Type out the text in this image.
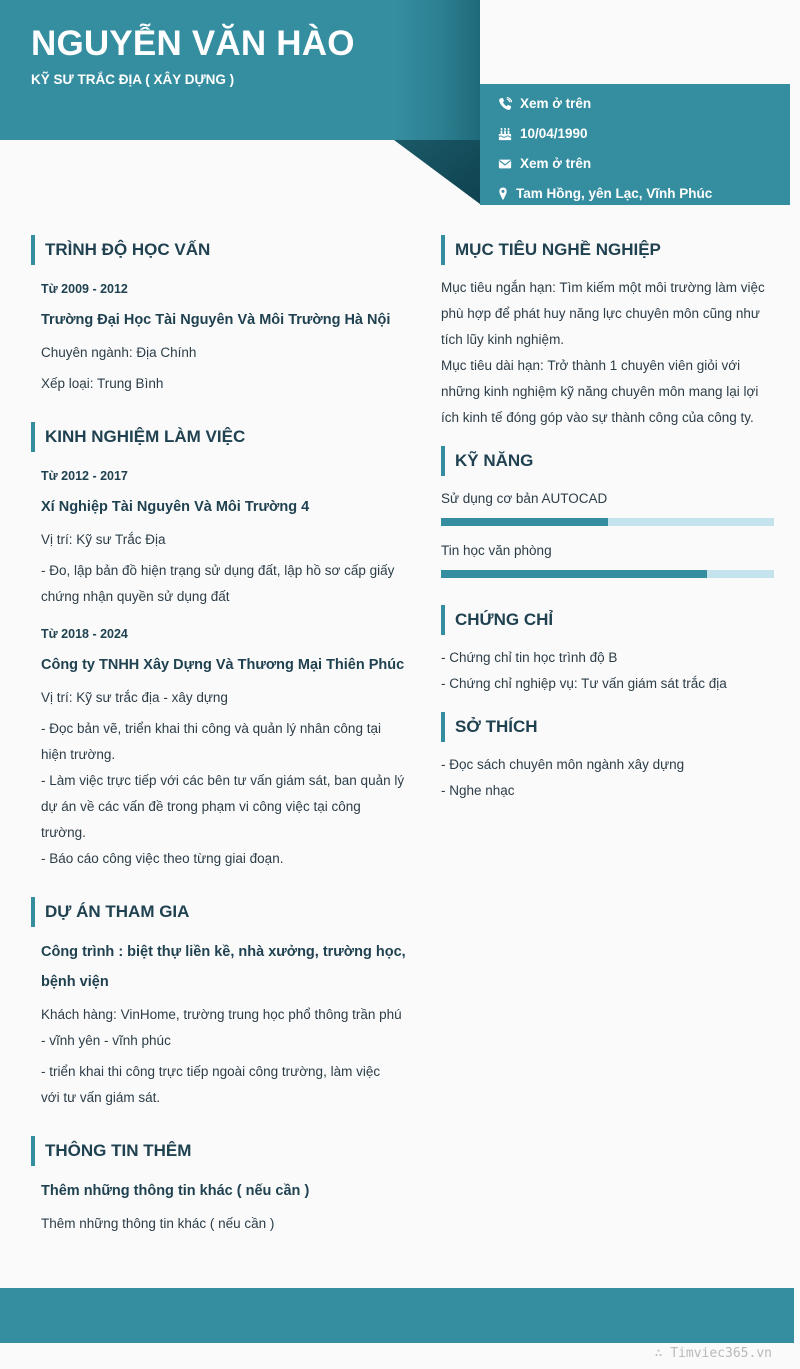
NGUYỄN VĂN HÀO
KỸ SƯ TRẮC ĐỊA ( XÂY DỰNG )
Xem ở trên
10/04/1990
Xem ở trên
Tam Hồng, yên Lạc, Vĩnh Phúc
TRÌNH ĐỘ HỌC VẤN
Từ 2009 - 2012
Trường Đại Học Tài Nguyên Và Môi Trường Hà Nội
Chuyên ngành: Địa Chính
Xếp loại: Trung Bình
KINH NGHIỆM LÀM VIỆC
Từ 2012 - 2017
Xí Nghiệp Tài Nguyên Và Môi Trường 4
Vị trí: Kỹ sư Trắc Địa
- Đo, lập bản đồ hiện trạng sử dụng đất, lập hồ sơ cấp giấy
chứng nhận quyền sử dụng đất
Từ 2018 - 2024
Công ty TNHH Xây Dựng Và Thương Mại Thiên Phúc
Vị trí: Kỹ sư trắc địa - xây dựng
- Đọc bản vẽ, triển khai thi công và quản lý nhân công tại
hiện trường.
- Làm việc trực tiếp với các bên tư vấn giám sát, ban quản lý
dự án về các vấn đề trong phạm vi công việc tại công
trường.
- Báo cáo công việc theo từng giai đoạn.
DỰ ÁN THAM GIA
Công trình : biệt thự liền kề, nhà xưởng, trường học,
bệnh viện
Khách hàng: VinHome, trường trung học phổ thông trần phú
- vĩnh yên - vĩnh phúc
- triển khai thi công trực tiếp ngoài công trường, làm việc
với tư vấn giám sát.
THÔNG TIN THÊM
Thêm những thông tin khác ( nếu cần )
Thêm những thông tin khác ( nếu cần )
MỤC TIÊU NGHỀ NGHIỆP
Mục tiêu ngắn hạn: Tìm kiếm một môi trường làm việc
phù hợp để phát huy năng lực chuyên môn cũng như
tích lũy kinh nghiệm.
Mục tiêu dài hạn: Trở thành 1 chuyên viên giỏi với
những kinh nghiệm kỹ năng chuyên môn mang lại lợi
ích kinh tế đóng góp vào sự thành công của công ty.
KỸ NĂNG
Sử dụng cơ bản AUTOCAD
Tin học văn phòng
CHỨNG CHỈ
- Chứng chỉ tin học trình độ B
- Chứng chỉ nghiệp vụ: Tư vấn giám sát trắc địa
SỞ THÍCH
- Đọc sách chuyên môn ngành xây dựng
- Nghe nhạc
∴ Timviec365.vn
